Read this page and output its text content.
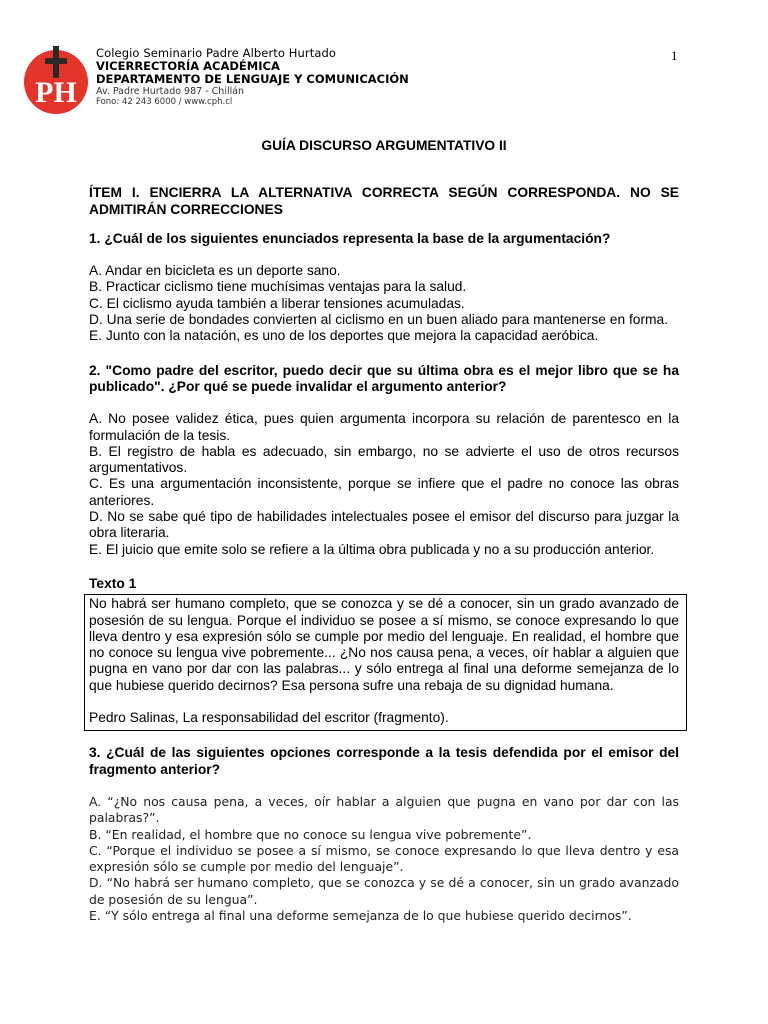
PH
Colegio Seminario Padre Alberto Hurtado
VICERRECTORÍA ACADÉMICA
DEPARTAMENTO DE LENGUAJE Y COMUNICACIÓN
Av. Padre Hurtado 987 - Chillán
Fono: 42 243 6000 / www.cph.cl
1
GUÍA DISCURSO ARGUMENTATIVO II
ÍTEM I. ENCIERRA LA ALTERNATIVA CORRECTA SEGÚN CORRESPONDA. NO SE ADMITIRÁN CORRECCIONES
1. ¿Cuál de los siguientes enunciados representa la base de la argumentación?

A. Andar en bicicleta es un deporte sano.

B. Practicar ciclismo tiene muchísimas ventajas para la salud.

C. El ciclismo ayuda también a liberar tensiones acumuladas.

D. Una serie de bondades convierten al ciclismo en un buen aliado para mantenerse en forma.

E. Junto con la natación, es uno de los deportes que mejora la capacidad aeróbica.

2. "Como padre del escritor, puedo decir que su última obra es el mejor libro que se ha publicado". ¿Por qué se puede invalidar el argumento anterior?

A. No posee validez ética, pues quien argumenta incorpora su relación de parentesco en la formulación de la tesis.

B. El registro de habla es adecuado, sin embargo, no se advierte el uso de otros recursos argumentativos.

C. Es una argumentación inconsistente, porque se infiere que el padre no conoce las obras anteriores.

D. No se sabe qué tipo de habilidades intelectuales posee el emisor del discurso para juzgar la obra literaria.

E. El juicio que emite solo se refiere a la última obra publicada y no a su producción anterior.

Texto 1

No habrá ser humano completo, que se conozca y se dé a conocer, sin un grado avanzado de posesión de su lengua. Porque el individuo se posee a sí mismo, se conoce expresando lo que lleva dentro y esa expresión sólo se cumple por medio del lenguaje. En realidad, el hombre que no conoce su lengua vive pobremente... ¿No nos causa pena, a veces, oír hablar a alguien que pugna en vano por dar con las palabras... y sólo entrega al final una deforme semejanza de lo que hubiese querido decirnos? Esa persona sufre una rebaja de su dignidad humana.

Pedro Salinas, La responsabilidad del escritor (fragmento).

3. ¿Cuál de las siguientes opciones corresponde a la tesis defendida por el emisor del fragmento anterior?

A. “¿No nos causa pena, a veces, oír hablar a alguien que pugna en vano por dar con las palabras?”.

B. “En realidad, el hombre que no conoce su lengua vive pobremente”.

C. “Porque el individuo se posee a sí mismo, se conoce expresando lo que lleva dentro y esa expresión sólo se cumple por medio del lenguaje”.

D. “No habrá ser humano completo, que se conozca y se dé a conocer, sin un grado avanzado de posesión de su lengua”.

E. “Y sólo entrega al final una deforme semejanza de lo que hubiese querido decirnos”.
